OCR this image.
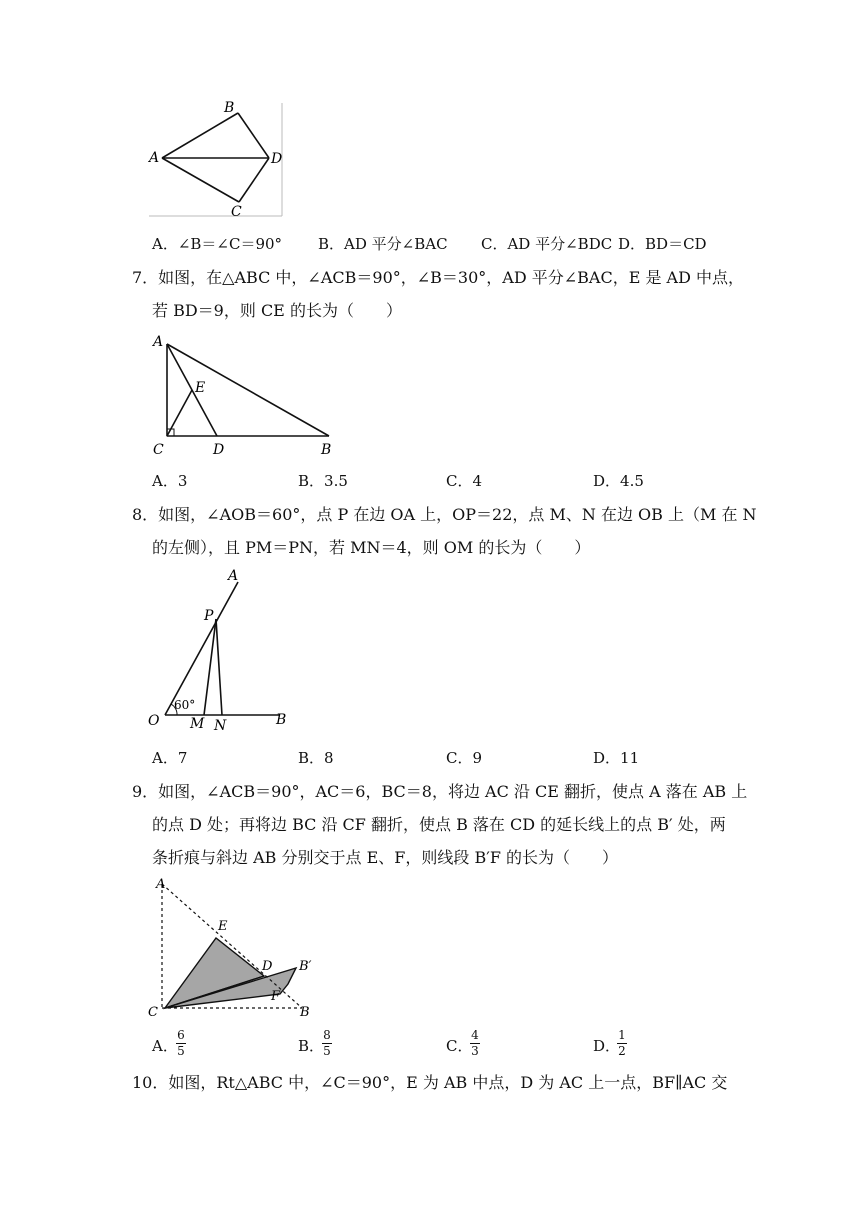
A
B
C
D
A．∠B＝∠C＝90° B．AD 平分∠BAC C．AD 平分∠BDC D．BD＝CD
7．如图，在△ABC 中，∠ACB＝90°，∠B＝30°，AD 平分∠BAC，E 是 AD 中点，
若 BD＝9，则 CE 的长为（　　）
A
E
C	D	B
A．3	B．3.5	C．4	D．4.5
8．如图，∠AOB＝60°，点 P 在边 OA 上，OP＝22，点 M、N 在边 OB 上（M 在 N
的左侧），且 PM＝PN，若 MN＝4，则 OM 的长为（　　）
A
P
O
60°
M N	B
A．7	B．8	C．9	D．11
9．如图，∠ACB＝90°，AC＝6，BC＝8，将边 AC 沿 CE 翻折，使点 A 落在 AB 上
的点 D 处；再将边 BC 沿 CF 翻折，使点 B 落在 CD 的延长线上的点 B′ 处，两
条折痕与斜边 AB 分别交于点 E、F，则线段 B′F 的长为（　　）
A
E
D B′
F
C	B
A．
6
5	B．
8
5	C．
4
3	D．
1
2
10．如图，Rt△ABC 中，∠C＝90°，E 为 AB 中点，D 为 AC 上一点，BF∥AC 交
